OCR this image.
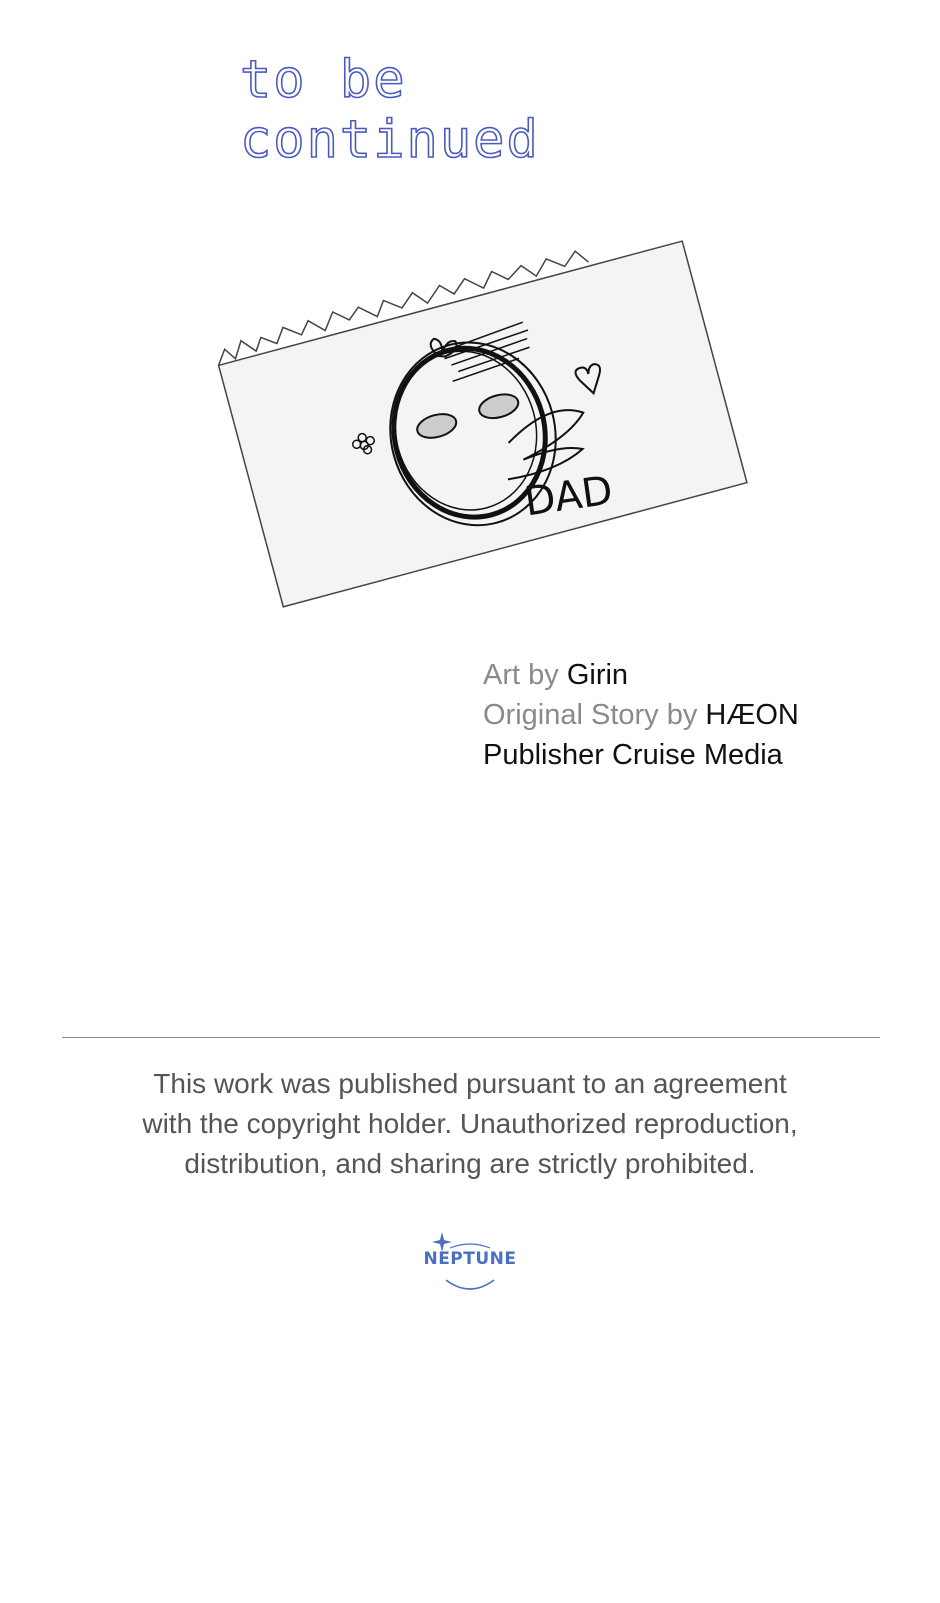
to be continued
DAD
Art by Girin
Original Story by HÆON
Publisher Cruise Media
This work was published pursuant to an agreement
with the copyright holder. Unauthorized reproduction,
distribution, and sharing are strictly prohibited.
NEPTUNE
